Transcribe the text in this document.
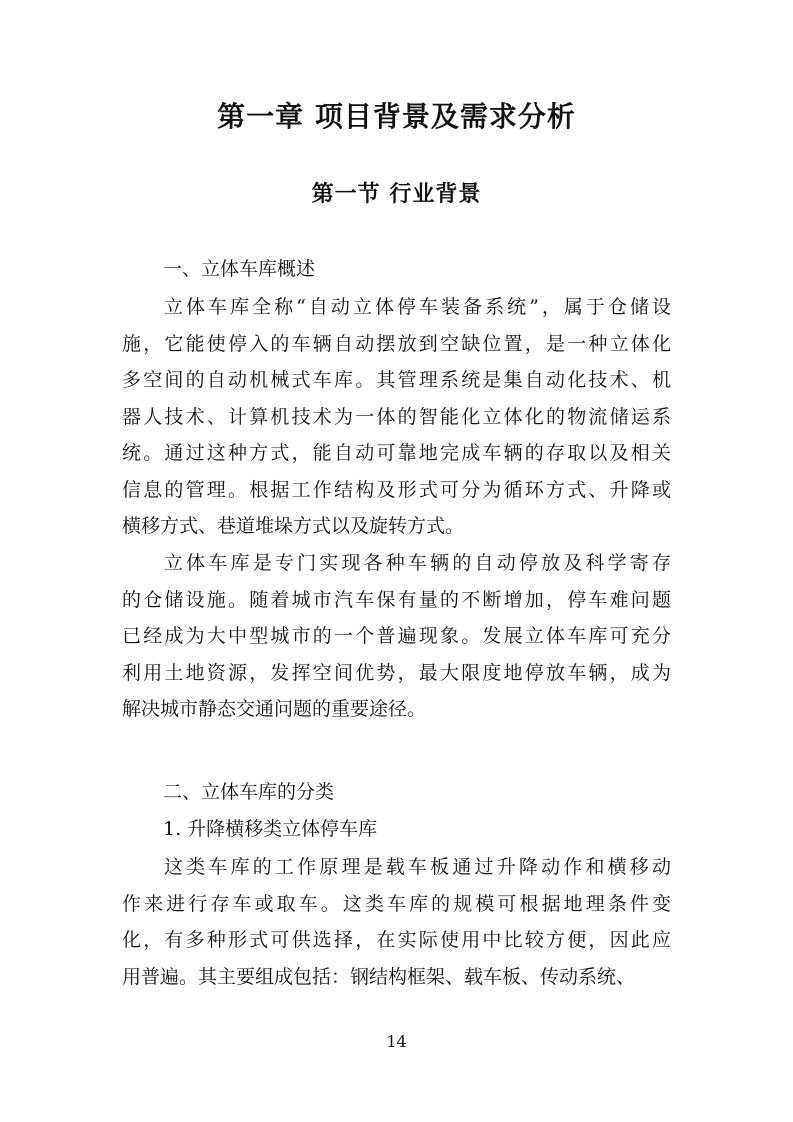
第一章 项目背景及需求分析
第一节 行业背景
一、立体车库概述
立体车库全称“自动立体停车装备系统”，属于仓储设
施，它能使停入的车辆自动摆放到空缺位置，是一种立体化
多空间的自动机械式车库。其管理系统是集自动化技术、机
器人技术、计算机技术为一体的智能化立体化的物流储运系
统。通过这种方式，能自动可靠地完成车辆的存取以及相关
信息的管理。根据工作结构及形式可分为循环方式、升降或
横移方式、巷道堆垛方式以及旋转方式。
立体车库是专门实现各种车辆的自动停放及科学寄存
的仓储设施。随着城市汽车保有量的不断增加，停车难问题
已经成为大中型城市的一个普遍现象。发展立体车库可充分
利用土地资源，发挥空间优势，最大限度地停放车辆，成为
解决城市静态交通问题的重要途径。
二、立体车库的分类
1. 升降横移类立体停车库
这类车库的工作原理是载车板通过升降动作和横移动
作来进行存车或取车。这类车库的规模可根据地理条件变
化，有多种形式可供选择，在实际使用中比较方便，因此应
用普遍。其主要组成包括：钢结构框架、载车板、传动系统、
14
